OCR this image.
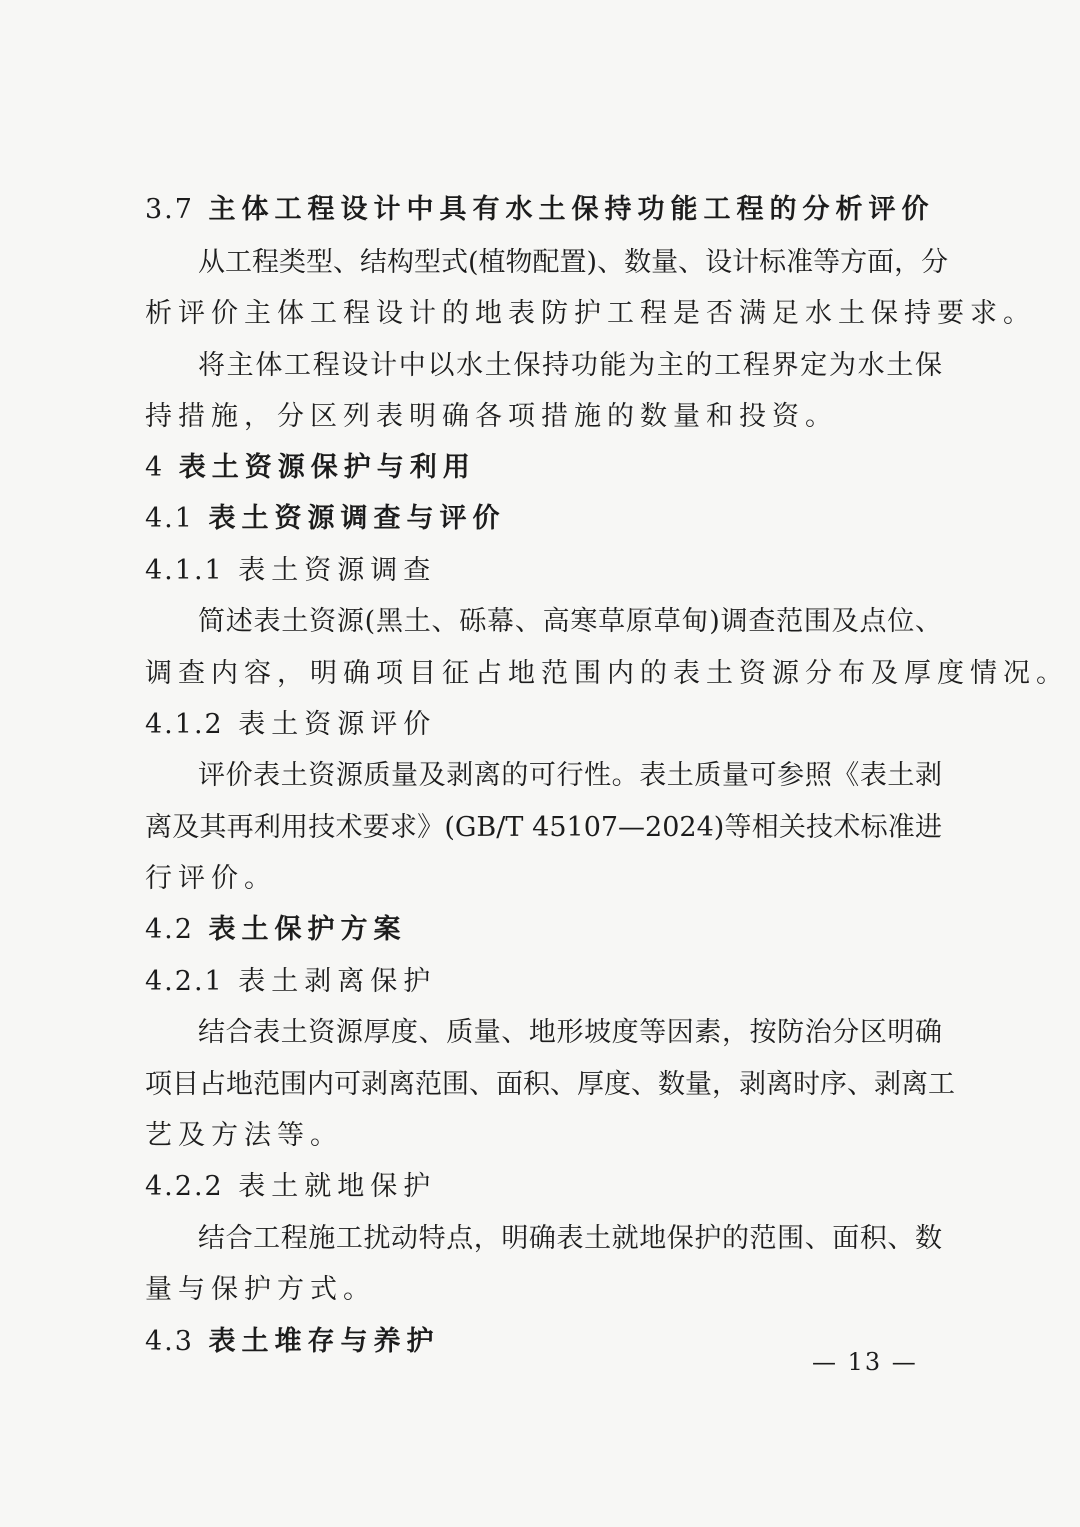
3.7 主体工程设计中具有水土保持功能工程的分析评价
从工程类型、结构型式(植物配置)、数量、设计标准等方面，分
析评价主体工程设计的地表防护工程是否满足水土保持要求。
将主体工程设计中以水土保持功能为主的工程界定为水土保
持措施，分区列表明确各项措施的数量和投资。
4 表土资源保护与利用
4.1 表土资源调查与评价
4.1.1 表土资源调查
简述表土资源(黑土、砾幕、高寒草原草甸)调查范围及点位、
调查内容，明确项目征占地范围内的表土资源分布及厚度情况。
4.1.2 表土资源评价
评价表土资源质量及剥离的可行性。表土质量可参照《表土剥
离及其再利用技术要求》(GB/T 45107—2024)等相关技术标准进
行评价。
4.2 表土保护方案
4.2.1 表土剥离保护
结合表土资源厚度、质量、地形坡度等因素，按防治分区明确
项目占地范围内可剥离范围、面积、厚度、数量，剥离时序、剥离工
艺及方法等。
4.2.2 表土就地保护
结合工程施工扰动特点，明确表土就地保护的范围、面积、数
量与保护方式。
4.3 表土堆存与养护
— 13 —
